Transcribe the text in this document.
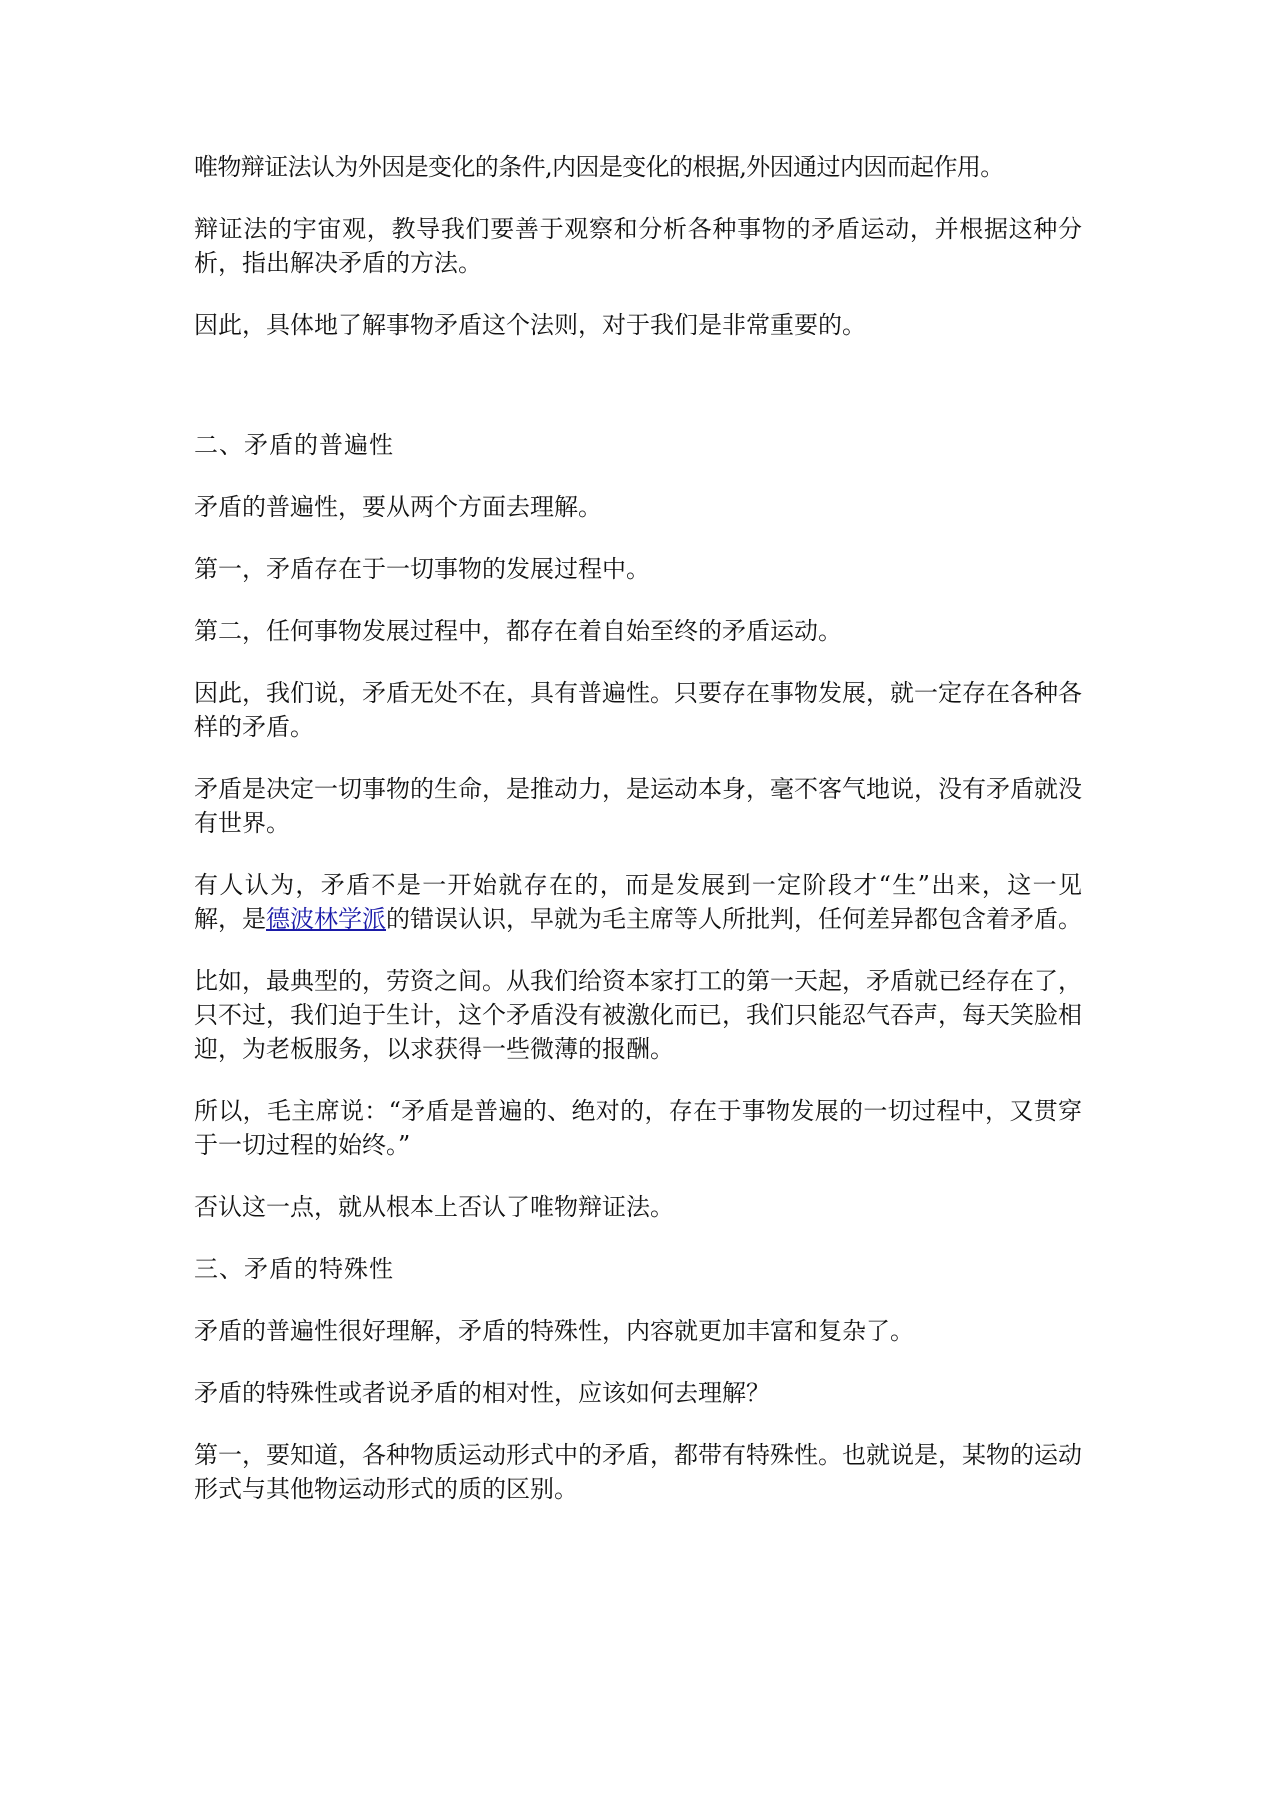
唯物辩证法认为外因是变化的条件,内因是变化的根据,外因通过内因而起作用。

辩证法的宇宙观，教导我们要善于观察和分析各种事物的矛盾运动，并根据这种分析，指出解决矛盾的方法。

因此，具体地了解事物矛盾这个法则，对于我们是非常重要的。

二、矛盾的普遍性

矛盾的普遍性，要从两个方面去理解。

第一，矛盾存在于一切事物的发展过程中。

第二，任何事物发展过程中，都存在着自始至终的矛盾运动。

因此，我们说，矛盾无处不在，具有普遍性。只要存在事物发展，就一定存在各种各样的矛盾。

矛盾是决定一切事物的生命，是推动力，是运动本身，毫不客气地说，没有矛盾就没有世界。

有人认为，矛盾不是一开始就存在的，而是发展到一定阶段才“生”出来，这一见解，是德波林学派的错误认识，早就为毛主席等人所批判，任何差异都包含着矛盾。

比如，最典型的，劳资之间。从我们给资本家打工的第一天起，矛盾就已经存在了，只不过，我们迫于生计，这个矛盾没有被激化而已，我们只能忍气吞声，每天笑脸相迎，为老板服务，以求获得一些微薄的报酬。

所以，毛主席说：“矛盾是普遍的、绝对的，存在于事物发展的一切过程中，又贯穿于一切过程的始终。”

否认这一点，就从根本上否认了唯物辩证法。

三、矛盾的特殊性

矛盾的普遍性很好理解，矛盾的特殊性，内容就更加丰富和复杂了。

矛盾的特殊性或者说矛盾的相对性，应该如何去理解？

第一，要知道，各种物质运动形式中的矛盾，都带有特殊性。也就说是，某物的运动形式与其他物运动形式的质的区别。
